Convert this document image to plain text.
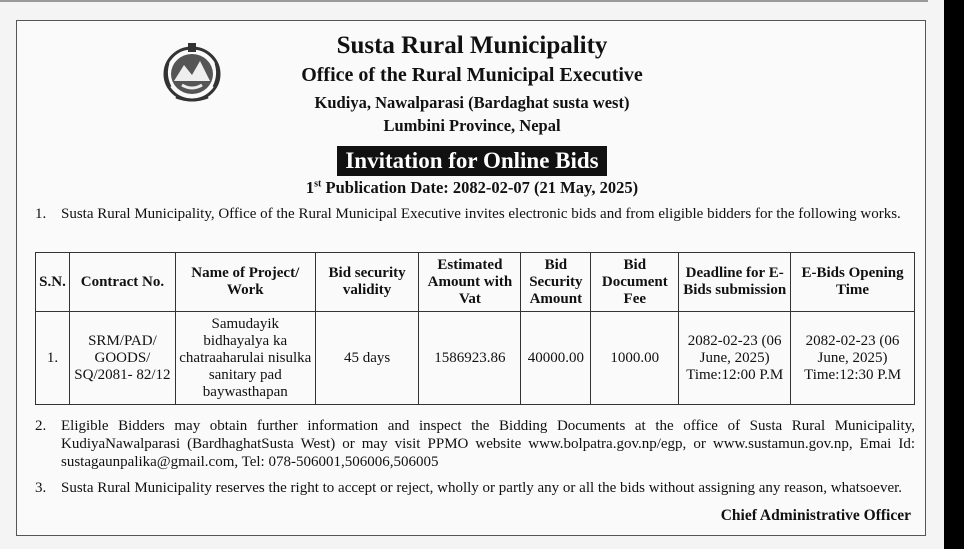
Susta Rural Municipality
Office of the Rural Municipal Executive
Kudiya, Nawalparasi (Bardaghat susta west)
Lumbini Province, Nepal
Invitation for Online Bids
1st Publication Date: 2082-02-07 (21 May, 2025)
1. Susta Rural Municipality, Office of the Rural Municipal Executive invites electronic bids and from eligible bidders for the following works.
S.N.	Contract No.	Name of Project/ Work	Bid security validity	Estimated Amount with Vat	Bid Security Amount	Bid Document Fee	Deadline for E-Bids submission	E-Bids Opening Time
1.	SRM/PAD/ GOODS/ SQ/2081- 82/12	Samudayik bidhayalya ka chatraaharulai nisulka sanitary pad baywasthapan	45 days	1586923.86	40000.00	1000.00	2082-02-23 (06 June, 2025) Time:12:00 P.M	2082-02-23 (06 June, 2025) Time:12:30 P.M
2. Eligible Bidders may obtain further information and inspect the Bidding Documents at the office of Susta Rural Municipality, KudiyaNawalparasi (BardhaghatSusta West) or may visit PPMO website www.bolpatra.gov.np/egp, or www.sustamun.gov.np, Emai Id: sustagaunpalika@gmail.com, Tel: 078-506001,506006,506005
3. Susta Rural Municipality reserves the right to accept or reject, wholly or partly any or all the bids without assigning any reason, whatsoever.
Chief Administrative Officer
